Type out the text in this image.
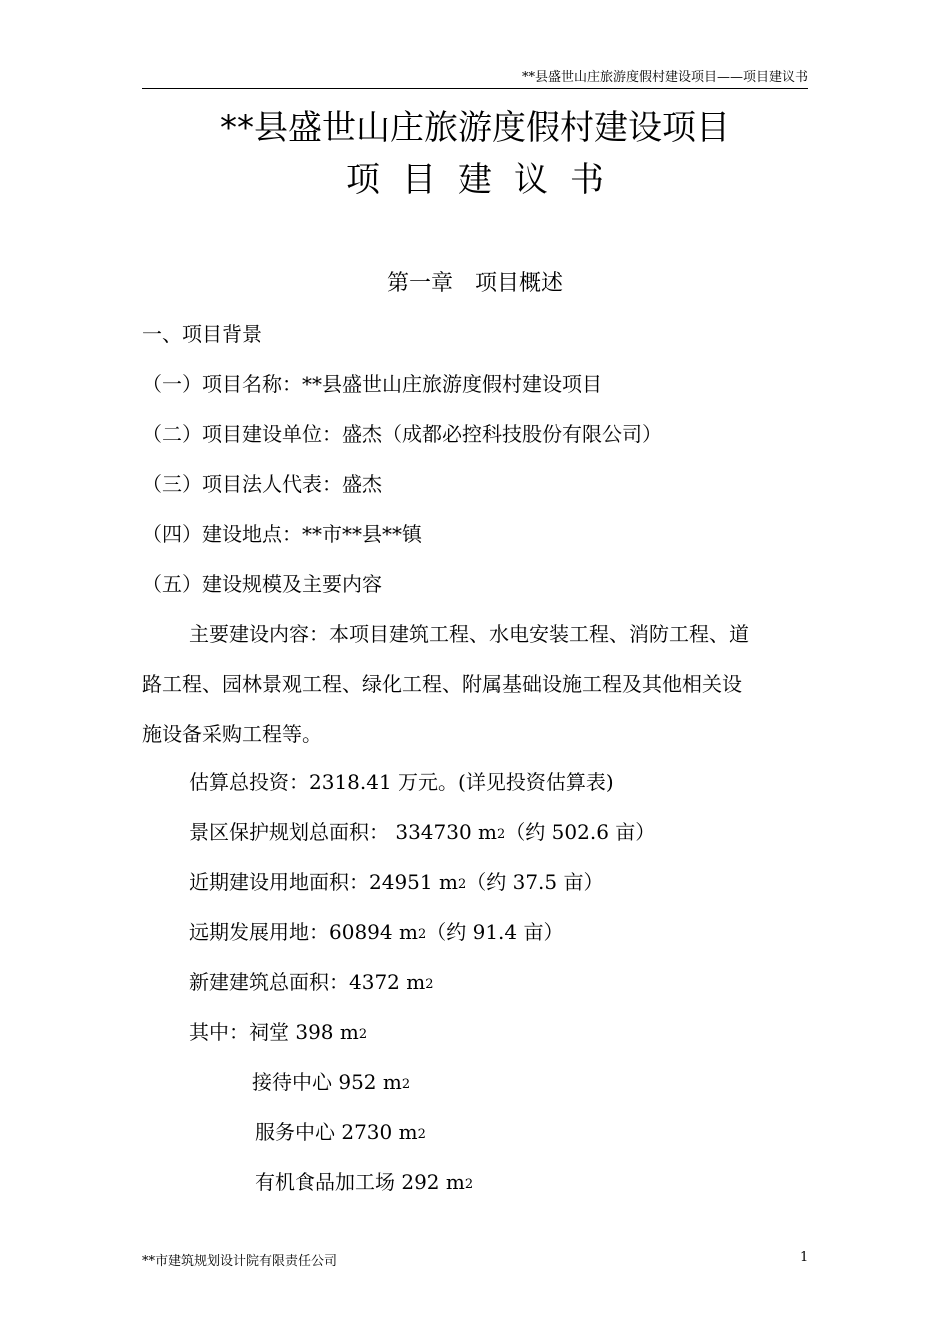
**县盛世山庄旅游度假村建设项目——项目建议书
**县盛世山庄旅游度假村建设项目
项目建议书
第一章　项目概述
一、项目背景
（一）项目名称：**县盛世山庄旅游度假村建设项目
（二）项目建设单位：盛杰（成都必控科技股份有限公司）
（三）项目法人代表：盛杰
（四）建设地点：**市**县**镇
（五）建设规模及主要内容
主要建设内容：本项目建筑工程、水电安装工程、消防工程、道
路工程、园林景观工程、绿化工程、附属基础设施工程及其他相关设
施设备采购工程等。
估算总投资：2318.41 万元。(详见投资估算表)
景区保护规划总面积： 334730 m2（约 502.6 亩）
近期建设用地面积：24951 m2（约 37.5 亩）
远期发展用地：60894 m2（约 91.4 亩）
新建建筑总面积：4372 m2
其中：祠堂 398 m2
接待中心 952 m2
服务中心 2730 m2
有机食品加工场 292 m2
**市建筑规划设计院有限责任公司	1
